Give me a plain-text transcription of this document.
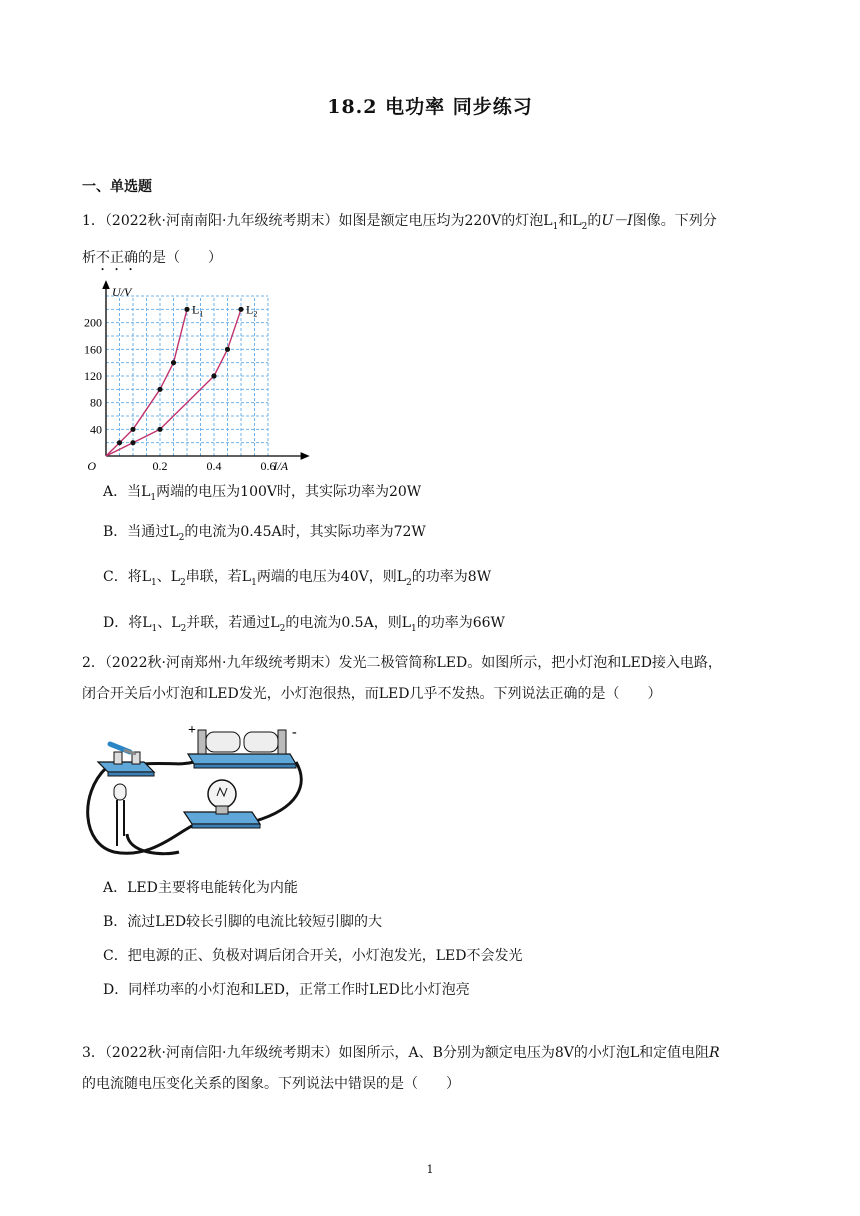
18.2 电功率 同步练习
一、单选题
1．（2022秋·河南南阳·九年级统考期末）如图是额定电压均为220V的灯泡$L_1$和$L_2$的U－I图像。下列分
析不正确的是（　　）
0.2	0.4	0.6
40
80
120
160
200
O	I/A
U/V
$L_1$	$L_2$
A．当$L_1$两端的电压为100V时，其实际功率为20W
B．当通过$L_2$的电流为0.45A时，其实际功率为72W
C．将$L_1$、$L_2$串联，若$L_1$两端的电压为40V，则$L_2$的功率为8W
D．将$L_1$、$L_2$并联，若通过$L_2$的电流为0.5A，则$L_1$的功率为66W
2．（2022秋·河南郑州·九年级统考期末）发光二极管简称LED。如图所示，把小灯泡和LED接入电路，
闭合开关后小灯泡和LED发光，小灯泡很热，而LED几乎不发热。下列说法正确的是（　　）
+	-
A．LED主要将电能转化为内能
B．流过LED较长引脚的电流比较短引脚的大
C．把电源的正、负极对调后闭合开关，小灯泡发光，LED不会发光
D．同样功率的小灯泡和LED，正常工作时LED比小灯泡亮
3．（2022秋·河南信阳·九年级统考期末）如图所示，A、B分别为额定电压为8V的小灯泡L和定值电阻R
的电流随电压变化关系的图象。下列说法中错误的是（　　）
1
